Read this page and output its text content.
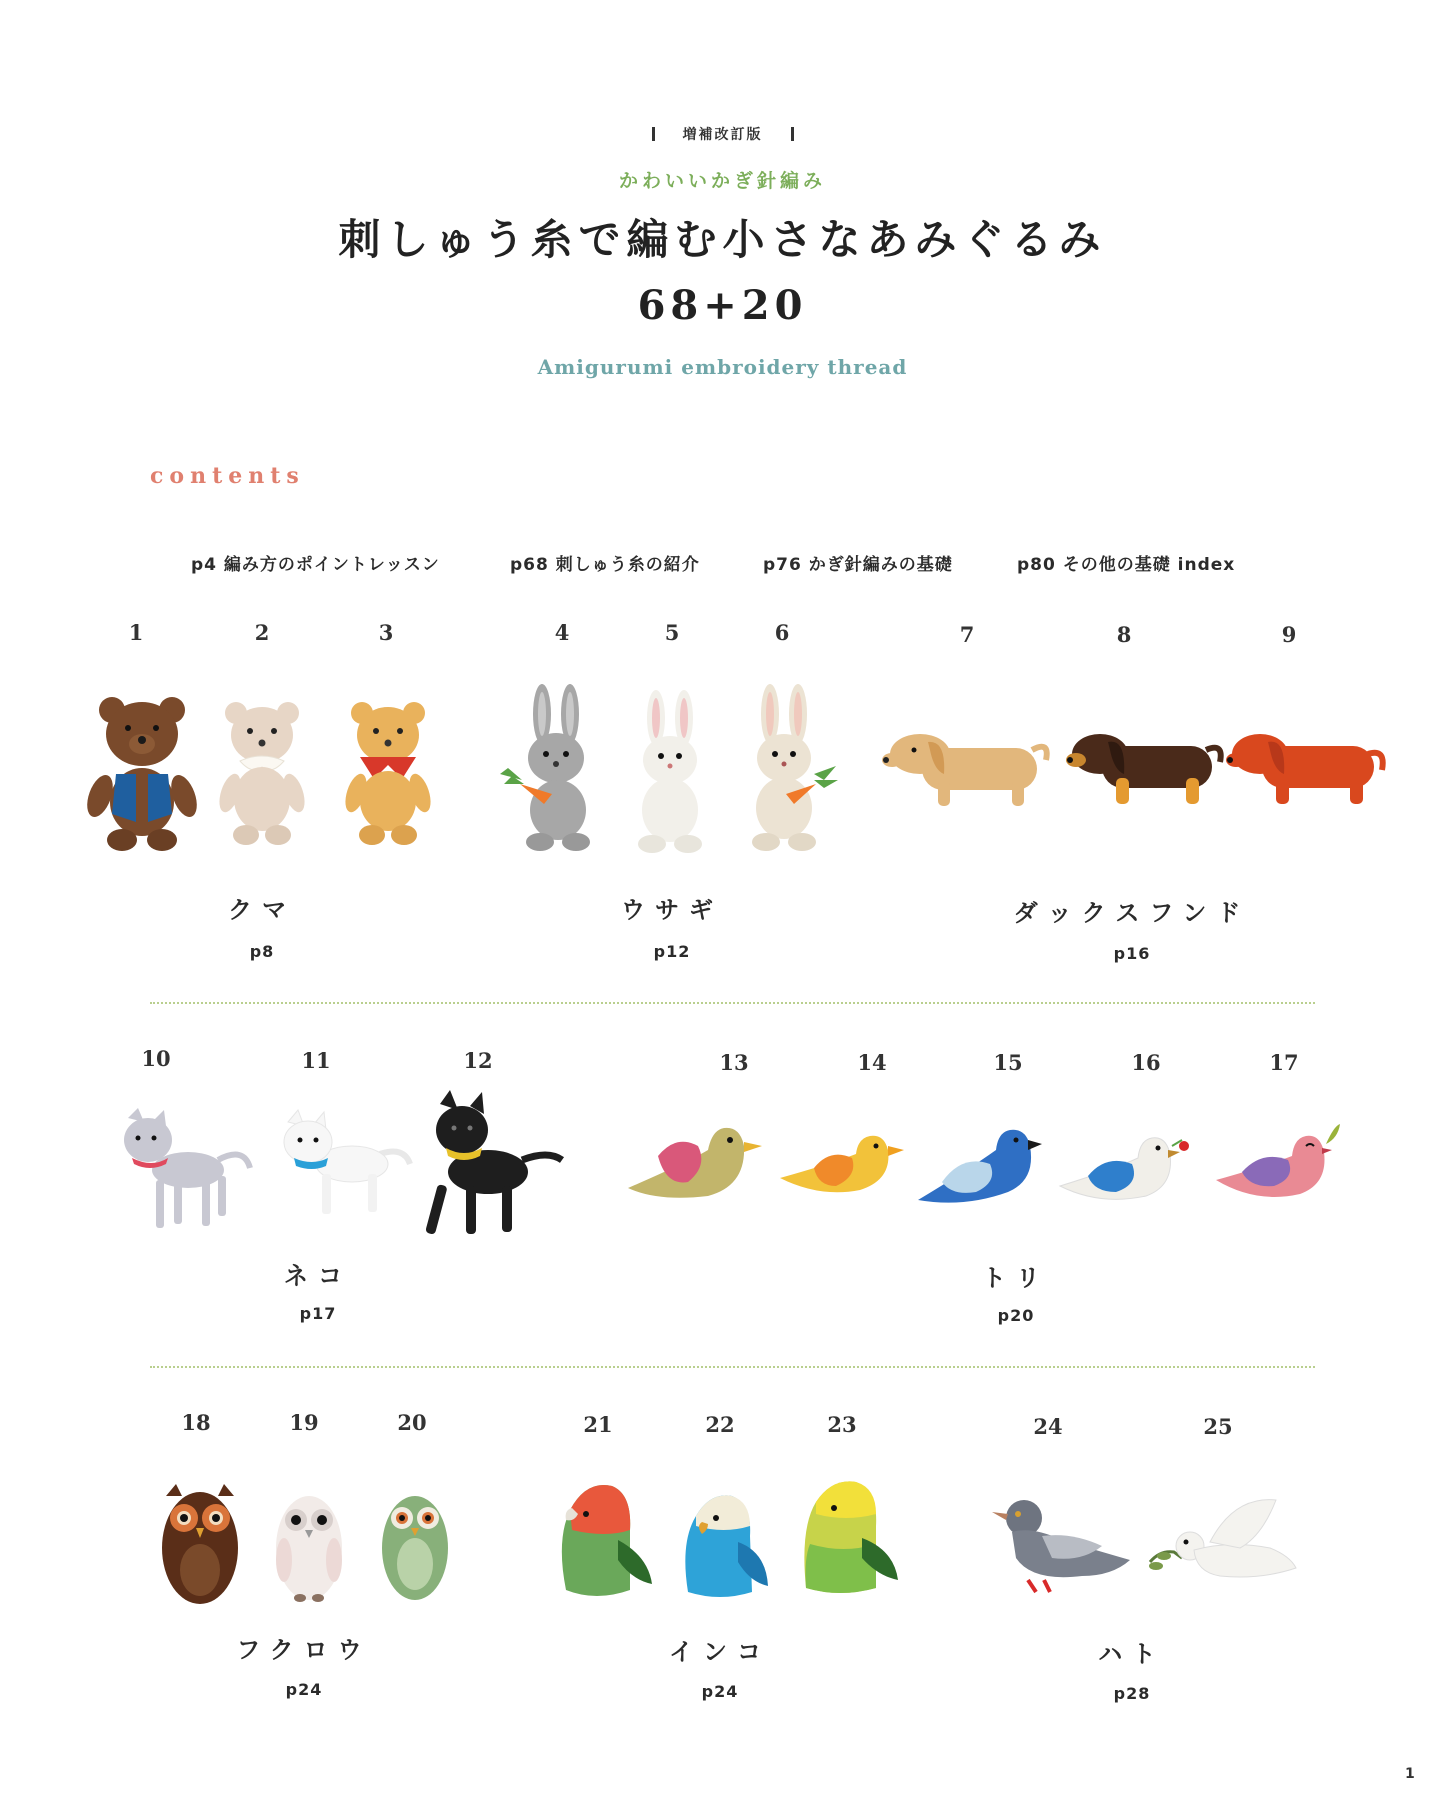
増補改訂版
かわいいかぎ針編み
刺しゅう糸で編む小さなあみぐるみ
68+20
Amigurumi embroidery thread
contents
p4 編み方のポイントレッスン	p68 刺しゅう糸の紹介	p76 かぎ針編みの基礎	p80 その他の基礎 index
1	2	3	4	5	6	7	8	9
クマ
p8
ウサギ
p12
ダックスフンド
p16
10	11	12	13	14	15	16	17
ネコ
p17
トリ
p20
18	19	20	21	22	23	24	25
フクロウ
p24
インコ
p24
ハト
p28
1
